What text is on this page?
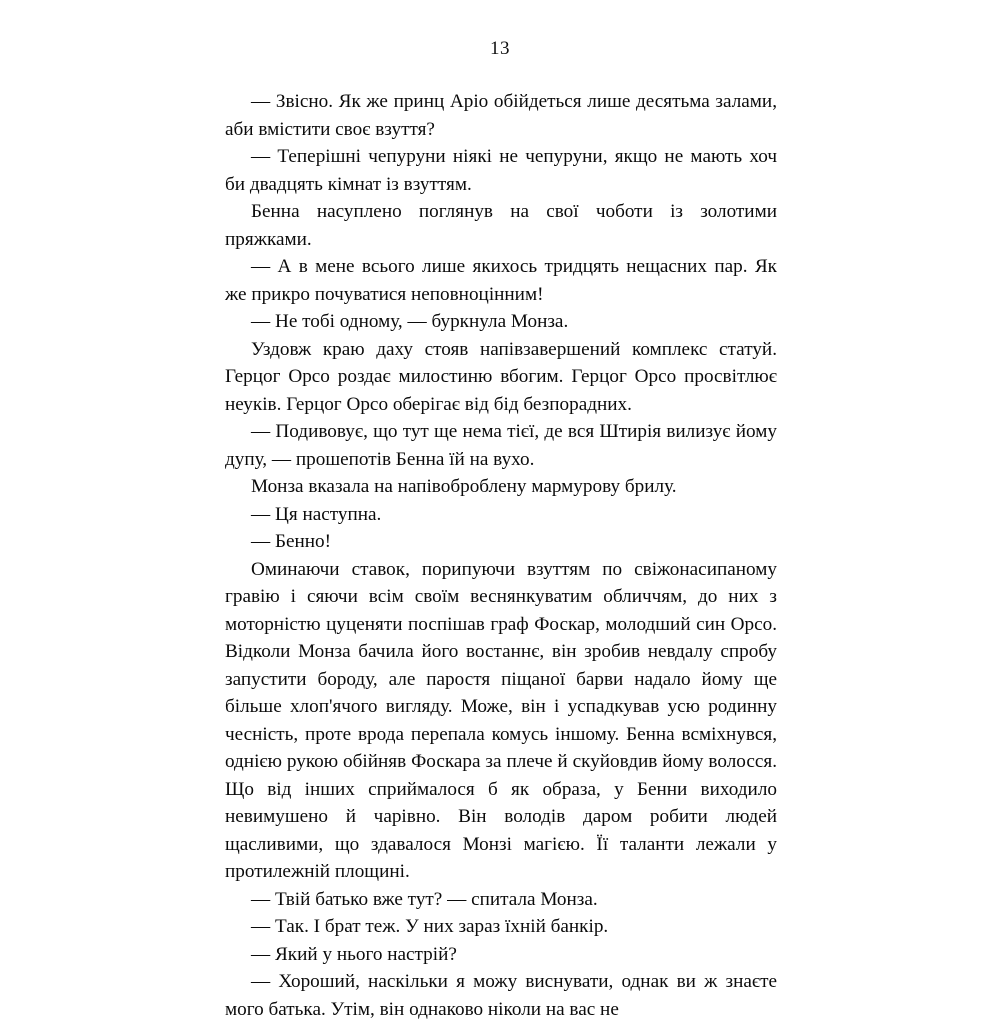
13

— Звісно. Як же принц Аріо обійдеться лише десятьма залами, аби вмістити своє взуття?

— Теперішні чепуруни ніякі не чепуруни, якщо не мають хоч би двадцять кімнат із взуттям.

Бенна насуплено поглянув на свої чоботи із золотими пряжками.

— А в мене всього лише якихось тридцять нещасних пар. Як же прикро почуватися неповноцінним!

— Не тобі одному, — буркнула Монза.

Уздовж краю даху стояв напівзавершений комплекс статуй. Герцог Орсо роздає милостиню вбогим. Герцог Орсо просвітлює неуків. Герцог Орсо оберігає від бід безпорадних.

— Подивовує, що тут ще нема тієї, де вся Штирія вилизує йому дупу, — прошепотів Бенна їй на вухо.

Монза вказала на напівоброблену мармурову брилу.

— Ця наступна.

— Бенно!

Оминаючи ставок, порипуючи взуттям по свіжонасипаному гравію і сяючи всім своїм веснянкуватим обличчям, до них з моторністю цуценяти поспішав граф Фоскар, молодший син Орсо. Відколи Монза бачила його востаннє, він зробив невдалу спробу запустити бороду, але паростя піщаної барви надало йому ще більше хлоп'ячого вигляду. Може, він і успадкував усю родинну чесність, проте врода перепала комусь іншому. Бенна всміхнувся, однією рукою обійняв Фоскара за плече й скуйовдив йому волосся. Що від інших сприймалося б як образа, у Бенни виходило невимушено й чарівно. Він володів даром робити людей щасливими, що здавалося Монзі магією. Її таланти лежали у протилежній площині.

— Твій батько вже тут? — спитала Монза.

— Так. І брат теж. У них зараз їхній банкір.

— Який у нього настрій?

— Хороший, наскільки я можу виснувати, однак ви ж знаєте мого батька. Утім, він однаково ніколи на вас не
